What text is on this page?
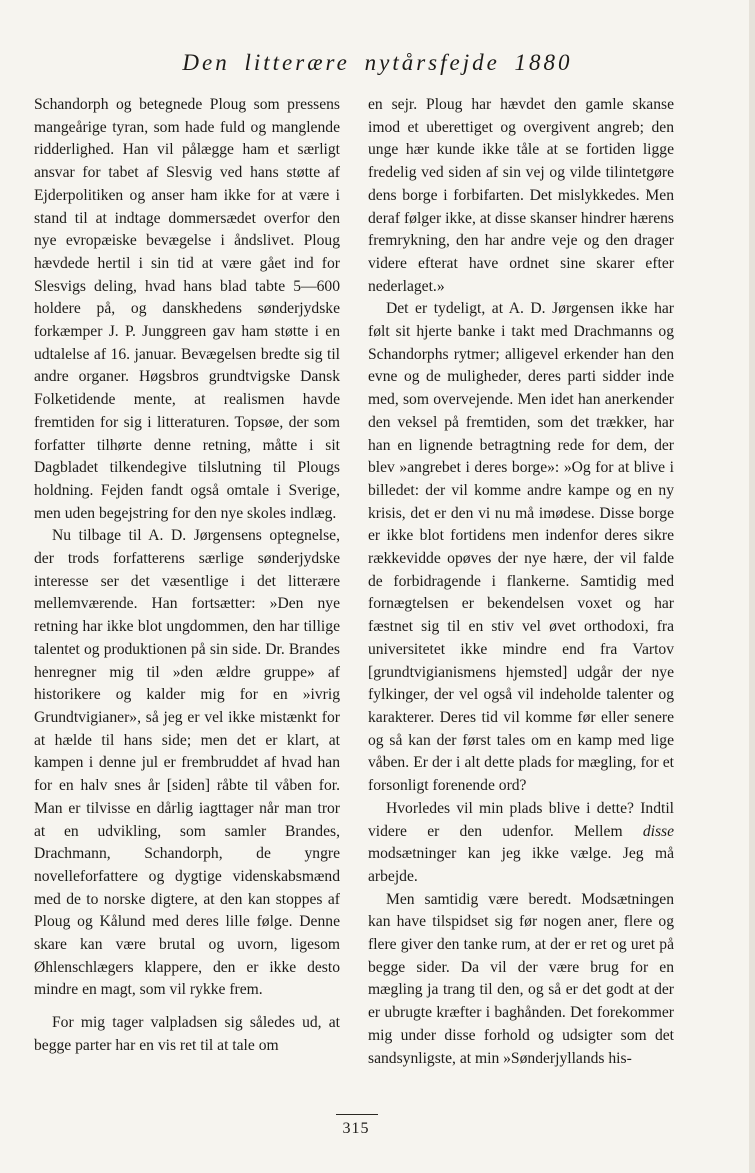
Den litterære nytårsfejde 1880

Schandorph og betegnede Ploug som pressens mangeårige tyran, som hade fuld og manglende ridderlighed. Han vil pålægge ham et særligt ansvar for tabet af Slesvig ved hans støtte af Ejderpolitiken og anser ham ikke for at være i stand til at indtage dommersædet overfor den nye evropæiske bevægelse i åndslivet. Ploug hævdede hertil i sin tid at være gået ind for Slesvigs deling, hvad hans blad tabte 5—600 holdere på, og danskhedens sønderjydske forkæmper J. P. Junggreen gav ham støtte i en udtalelse af 16. januar. Bevægelsen bredte sig til andre organer. Høgsbros grundtvigske Dansk Folketidende mente, at realismen havde fremtiden for sig i litteraturen. Topsøe, der som forfatter tilhørte denne retning, måtte i sit Dagbladet tilkendegive tilslutning til Plougs holdning. Fejden fandt også omtale i Sverige, men uden begejstring for den nye skoles indlæg.

Nu tilbage til A. D. Jørgensens optegnelse, der trods forfatterens særlige sønderjydske interesse ser det væsentlige i det litterære mellemværende. Han fortsætter: »Den nye retning har ikke blot ungdommen, den har tillige talentet og produktionen på sin side. Dr. Brandes henregner mig til »den ældre gruppe» af historikere og kalder mig for en »ivrig Grundtvigianer», så jeg er vel ikke mistænkt for at hælde til hans side; men det er klart, at kampen i denne jul er frembruddet af hvad han for en halv snes år [siden] råbte til våben for. Man er tilvisse en dårlig iagttager når man tror at en udvikling, som samler Brandes, Drachmann, Schandorph, de yngre novelleforfattere og dygtige videnskabsmænd med de to norske digtere, at den kan stoppes af Ploug og Kålund med deres lille følge. Denne skare kan være brutal og uvorn, ligesom Øhlenschlægers klappere, den er ikke desto mindre en magt, som vil rykke frem.

For mig tager valpladsen sig således ud, at begge parter har en vis ret til at tale om

en sejr. Ploug har hævdet den gamle skanse imod et uberettiget og overgivent angreb; den unge hær kunde ikke tåle at se fortiden ligge fredelig ved siden af sin vej og vilde tilintetgøre dens borge i forbifarten. Det mislykkedes. Men deraf følger ikke, at disse skanser hindrer hærens fremrykning, den har andre veje og den drager videre efterat have ordnet sine skarer efter nederlaget.»

Det er tydeligt, at A. D. Jørgensen ikke har følt sit hjerte banke i takt med Drachmanns og Schandorphs rytmer; alligevel erkender han den evne og de muligheder, deres parti sidder inde med, som overvejende. Men idet han anerkender den veksel på fremtiden, som det trækker, har han en lignende betragtning rede for dem, der blev »angrebet i deres borge»: »Og for at blive i billedet: der vil komme andre kampe og en ny krisis, det er den vi nu må imødese. Disse borge er ikke blot fortidens men indenfor deres sikre rækkevidde opøves der nye hære, der vil falde de forbidragende i flankerne. Samtidig med fornægtelsen er bekendelsen voxet og har fæstnet sig til en stiv vel øvet orthodoxi, fra universitetet ikke mindre end fra Vartov [grundtvigianismens hjemsted] udgår der nye fylkinger, der vel også vil indeholde talenter og karakterer. Deres tid vil komme før eller senere og så kan der først tales om en kamp med lige våben. Er der i alt dette plads for mægling, for et forsonligt forenende ord?

Hvorledes vil min plads blive i dette? Indtil videre er den udenfor. Mellem disse modsætninger kan jeg ikke vælge. Jeg må arbejde.

Men samtidig være beredt. Modsætningen kan have tilspidset sig før nogen aner, flere og flere giver den tanke rum, at der er ret og uret på begge sider. Da vil der være brug for en mægling ja trang til den, og så er det godt at der er ubrugte kræfter i baghånden. Det forekommer mig under disse forhold og udsigter som det sandsynligste, at min »Sønderjyllands his-

315
